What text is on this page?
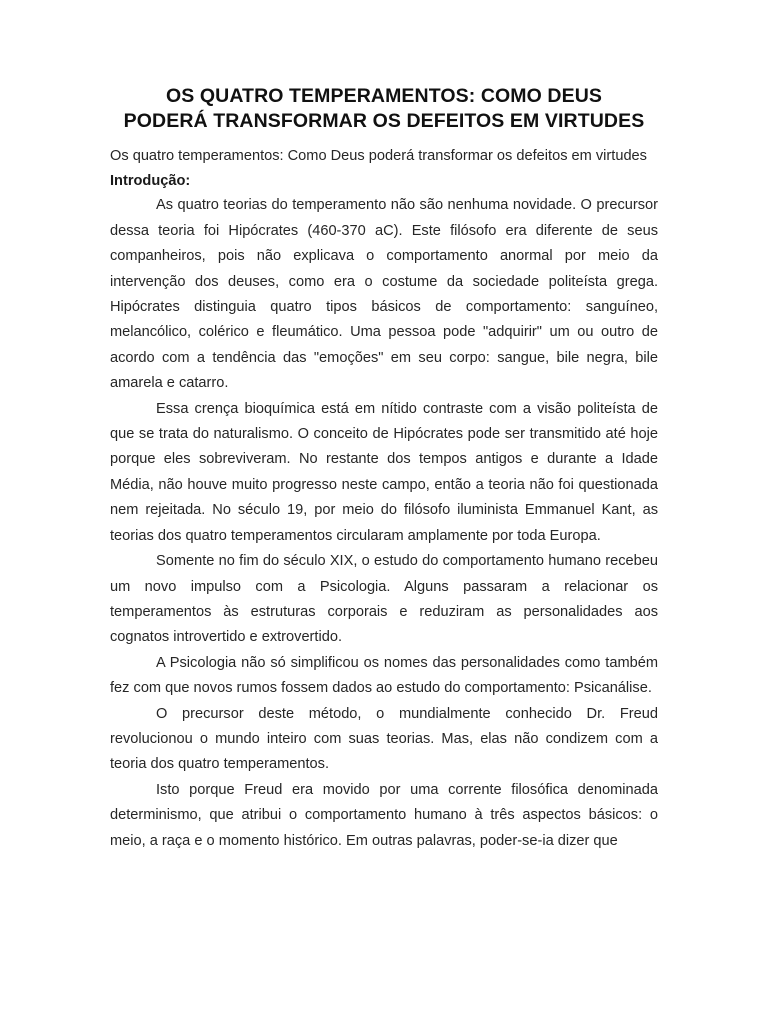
OS QUATRO TEMPERAMENTOS: COMO DEUS
PODERÁ TRANSFORMAR OS DEFEITOS EM VIRTUDES

Os quatro temperamentos: Como Deus poderá transformar os defeitos em virtudes

Introdução:

As quatro teorias do temperamento não são nenhuma novidade. O precursor dessa teoria foi Hipócrates (460-370 aC). Este filósofo era diferente de seus companheiros, pois não explicava o comportamento anormal por meio da intervenção dos deuses, como era o costume da sociedade politeísta grega. Hipócrates distinguia quatro tipos básicos de comportamento: sanguíneo, melancólico, colérico e fleumático. Uma pessoa pode "adquirir" um ou outro de acordo com a tendência das "emoções" em seu corpo: sangue, bile negra, bile amarela e catarro.

Essa crença bioquímica está em nítido contraste com a visão politeísta de que se trata do naturalismo. O conceito de Hipócrates pode ser transmitido até hoje porque eles sobreviveram. No restante dos tempos antigos e durante a Idade Média, não houve muito progresso neste campo, então a teoria não foi questionada nem rejeitada. No século 19, por meio do filósofo iluminista Emmanuel Kant, as teorias dos quatro temperamentos circularam amplamente por toda Europa.

Somente no fim do século XIX, o estudo do comportamento humano recebeu um novo impulso com a Psicologia. Alguns passaram a relacionar os temperamentos às estruturas corporais e reduziram as personalidades aos cognatos introvertido e extrovertido.

A Psicologia não só simplificou os nomes das personalidades como também fez com que novos rumos fossem dados ao estudo do comportamento: Psicanálise.

O precursor deste método, o mundialmente conhecido Dr. Freud revolucionou o mundo inteiro com suas teorias. Mas, elas não condizem com a teoria dos quatro temperamentos.

Isto porque Freud era movido por uma corrente filosófica denominada determinismo, que atribui o comportamento humano à três aspectos básicos: o meio, a raça e o momento histórico. Em outras palavras, poder-se-ia dizer que
